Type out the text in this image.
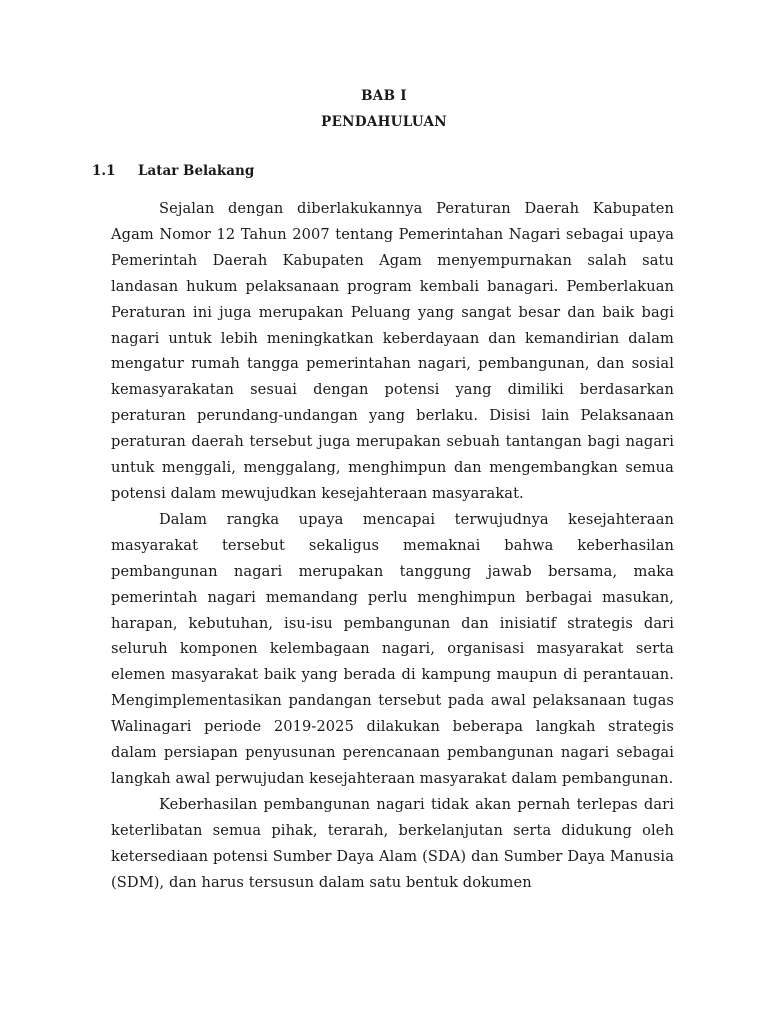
BAB I
PENDAHULUAN
1.1 Latar Belakang

Sejalan dengan diberlakukannya Peraturan Daerah Kabupaten Agam Nomor 12 Tahun 2007 tentang Pemerintahan Nagari sebagai upaya Pemerintah Daerah Kabupaten Agam menyempurnakan salah satu landasan hukum pelaksanaan program kembali banagari. Pemberlakuan Peraturan ini juga merupakan Peluang yang sangat besar dan baik bagi nagari untuk lebih meningkatkan keberdayaan dan kemandirian dalam mengatur rumah tangga pemerintahan nagari, pembangunan, dan sosial kemasyarakatan sesuai dengan potensi yang dimiliki berdasarkan peraturan perundang-undangan yang berlaku. Disisi lain Pelaksanaan peraturan daerah tersebut juga merupakan sebuah tantangan bagi nagari untuk menggali, menggalang, menghimpun dan mengembangkan semua potensi dalam mewujudkan kesejahteraan masyarakat.

Dalam rangka upaya mencapai terwujudnya kesejahteraan masyarakat tersebut sekaligus memaknai bahwa keberhasilan pembangunan nagari merupakan tanggung jawab bersama, maka pemerintah nagari memandang perlu menghimpun berbagai masukan, harapan, kebutuhan, isu-isu pembangunan dan inisiatif strategis dari seluruh komponen kelembagaan nagari, organisasi masyarakat serta elemen masyarakat baik yang berada di kampung maupun di perantauan. Mengimplementasikan pandangan tersebut pada awal pelaksanaan tugas Walinagari periode 2019-2025 dilakukan beberapa langkah strategis dalam persiapan penyusunan perencanaan pembangunan nagari sebagai langkah awal perwujudan kesejahteraan masyarakat dalam pembangunan.

Keberhasilan pembangunan nagari tidak akan pernah terlepas dari keterlibatan semua pihak, terarah, berkelanjutan serta didukung oleh ketersediaan potensi Sumber Daya Alam (SDA) dan Sumber Daya Manusia (SDM), dan harus tersusun dalam satu bentuk dokumen
